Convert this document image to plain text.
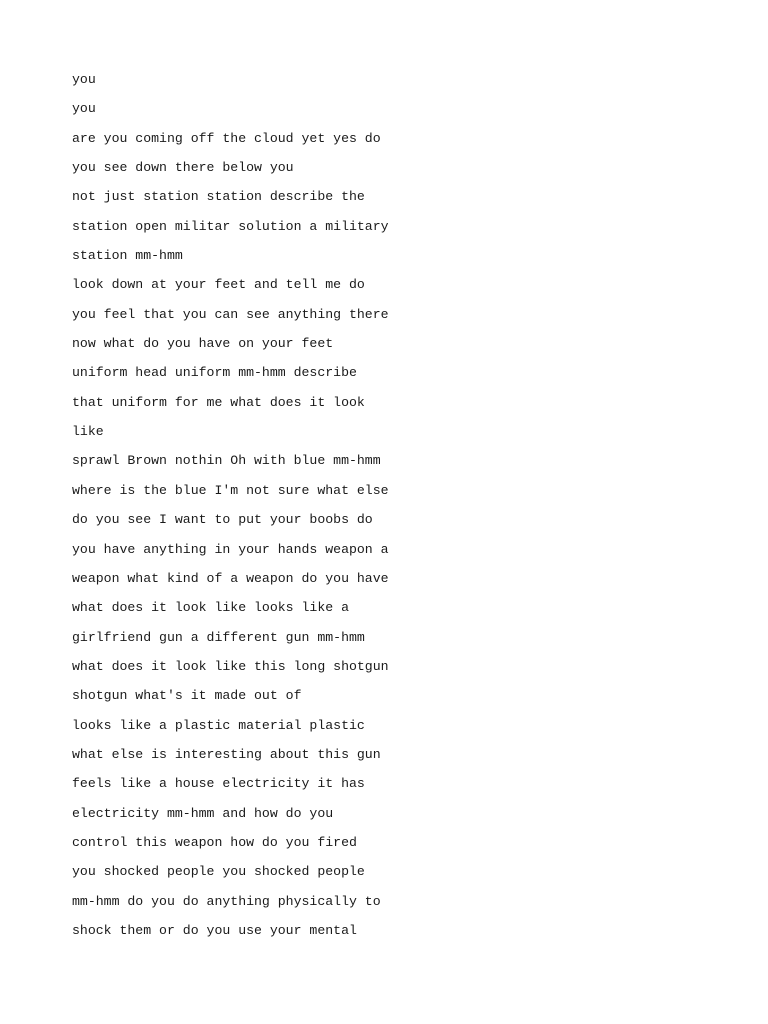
you
you
are you coming off the cloud yet yes do
you see down there below you
not just station station describe the
station open militar solution a military
station mm-hmm
look down at your feet and tell me do
you feel that you can see anything there
now what do you have on your feet
uniform head uniform mm-hmm describe
that uniform for me what does it look
like
sprawl Brown nothin Oh with blue mm-hmm
where is the blue I'm not sure what else
do you see I want to put your boobs do
you have anything in your hands weapon a
weapon what kind of a weapon do you have
what does it look like looks like a
girlfriend gun a different gun mm-hmm
what does it look like this long shotgun
shotgun what's it made out of
looks like a plastic material plastic
what else is interesting about this gun
feels like a house electricity it has
electricity mm-hmm and how do you
control this weapon how do you fired
you shocked people you shocked people
mm-hmm do you do anything physically to
shock them or do you use your mental
